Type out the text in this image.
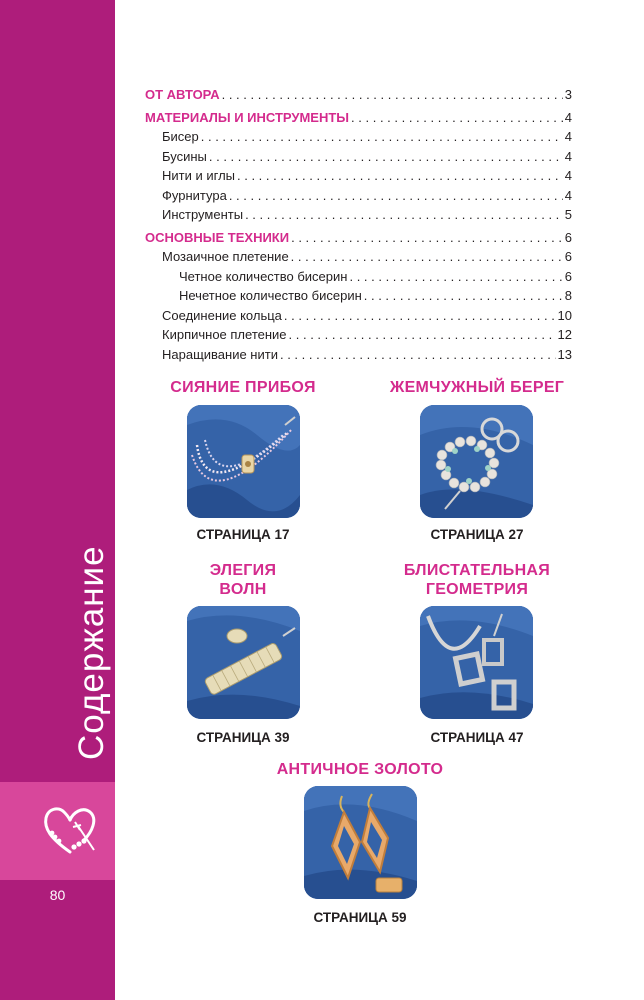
Содержание
80
ОТ АВТОРА . . .	3
МАТЕРИАЛЫ И ИНСТРУМЕНТЫ . . .	4
Бисер . . .	4
Бусины . . .	4
Нити и иглы . . .	4
Фурнитура . . .	4
Инструменты . . .	5
ОСНОВНЫЕ ТЕХНИКИ . . .	6
Мозаичное плетение . . .	6
Четное количество бисерин . . .	6
Нечетное количество бисерин . . .	8
Соединение кольца . . .	10
Кирпичное плетение . . .	12
Наращивание нити . . .	13
СИЯНИЕ ПРИБОЯ
СТРАНИЦА 17
ЖЕМЧУЖНЫЙ БЕРЕГ
СТРАНИЦА 27
ЭЛЕГИЯ
ВОЛН
СТРАНИЦА 39
БЛИСТАТЕЛЬНАЯ
ГЕОМЕТРИЯ
СТРАНИЦА 47
АНТИЧНОЕ ЗОЛОТО
СТРАНИЦА 59
